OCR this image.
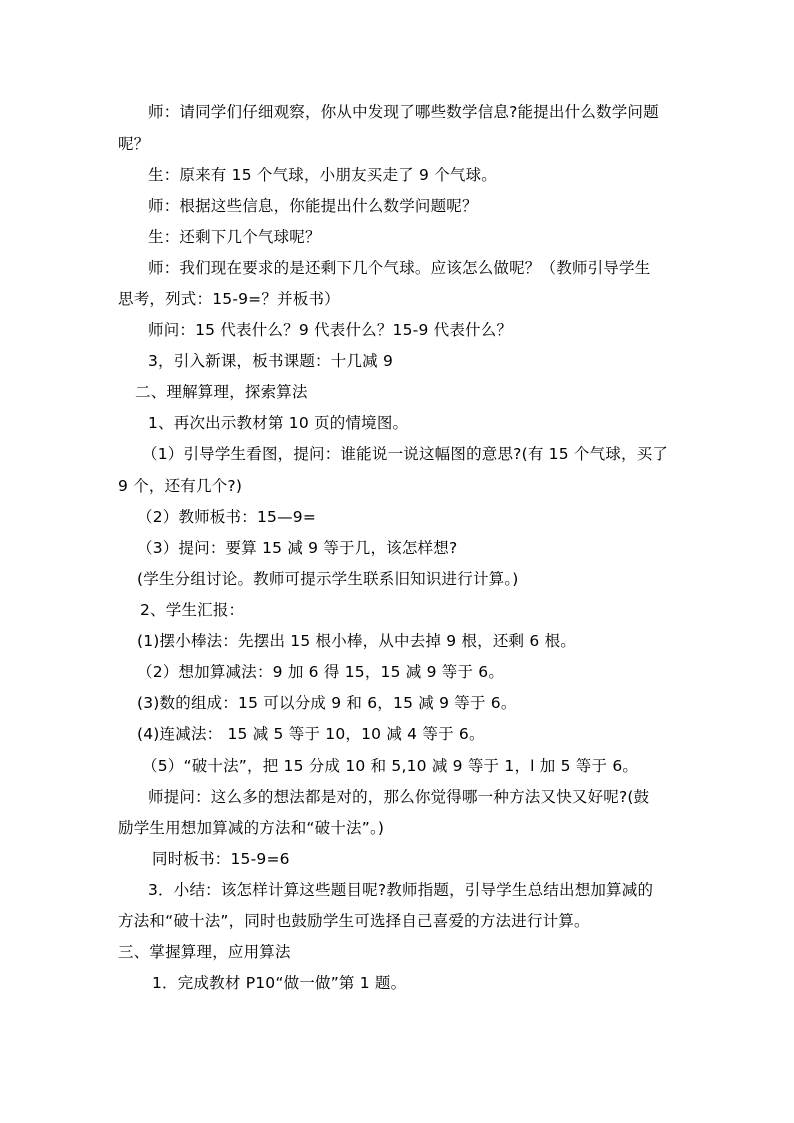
师：请同学们仔细观察，你从中发现了哪些数学信息?能提出什么数学问题
呢？
生：原来有 15 个气球，小朋友买走了 9 个气球。
师：根据这些信息，你能提出什么数学问题呢？
生：还剩下几个气球呢？
师：我们现在要求的是还剩下几个气球。应该怎么做呢？（教师引导学生
思考，列式：15-9=？并板书）
师问：15 代表什么？9 代表什么？15-9 代表什么？
3，引入新课，板书课题：十几减 9
二、理解算理，探索算法
1、再次出示教材第 10 页的情境图。
（1）引导学生看图，提问：谁能说一说这幅图的意思?(有 15 个气球，买了
9 个，还有几个?)
（2）教师板书：15—9=
（3）提问：要算 15 减 9 等于几，该怎样想?
(学生分组讨论。教师可提示学生联系旧知识进行计算。)
2、学生汇报：
(1)摆小棒法：先摆出 15 根小棒，从中去掉 9 根，还剩 6 根。
（2）想加算减法：9 加 6 得 15，15 减 9 等于 6。
(3)数的组成：15 可以分成 9 和 6，15 减 9 等于 6。
(4)连减法： 15 减 5 等于 10，10 减 4 等于 6。
（5）“破十法”，把 15 分成 10 和 5,10 减 9 等于 1，l 加 5 等于 6。
师提问：这么多的想法都是对的，那么你觉得哪一种方法又快又好呢?(鼓
励学生用想加算减的方法和“破十法”。)
同时板书：15-9=6
3．小结：该怎样计算这些题目呢?教师指题，引导学生总结出想加算减的
方法和“破十法”，同时也鼓励学生可选择自己喜爱的方法进行计算。
三、掌握算理，应用算法
1．完成教材 P10“做一做”第 1 题。
